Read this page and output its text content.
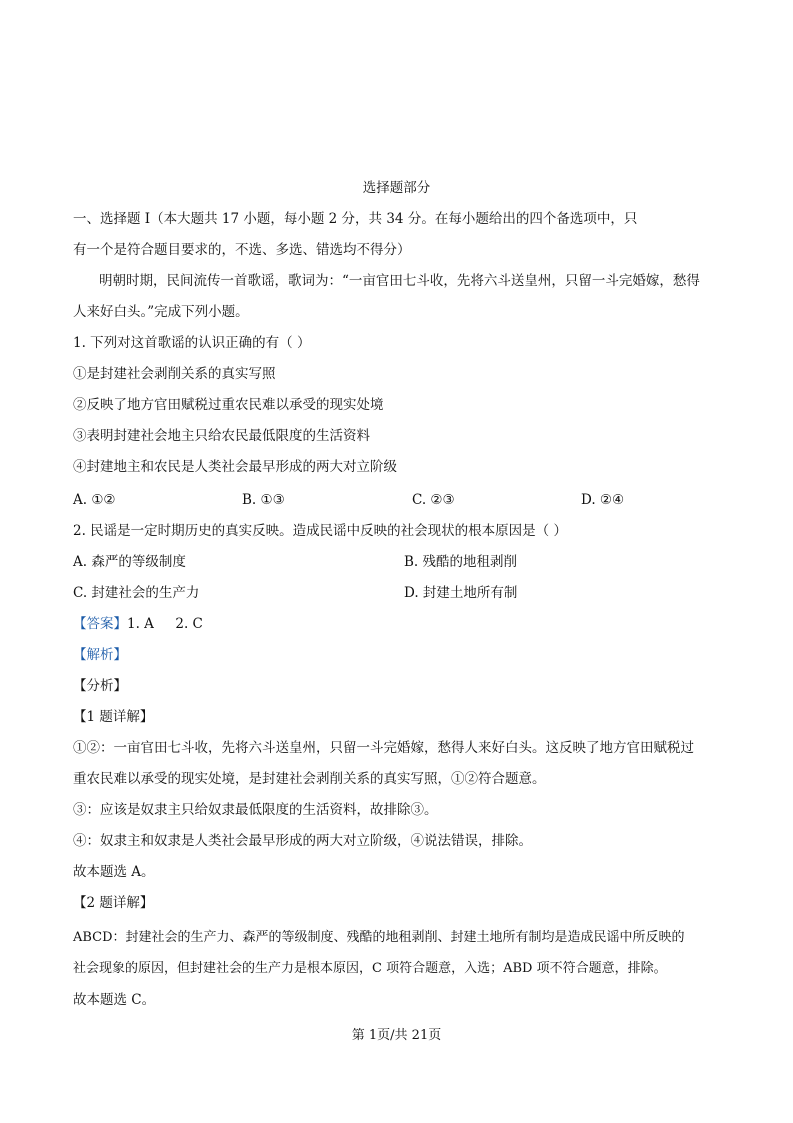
选择题部分
一、选择题 I（本大题共 17 小题，每小题 2 分，共 34 分。在每小题给出的四个备选项中，只
有一个是符合题目要求的，不选、多选、错选均不得分）
明朝时期，民间流传一首歌谣，歌词为：“一亩官田七斗收，先将六斗送皇州，只留一斗完婚嫁，愁得
人来好白头。”完成下列小题。
1. 下列对这首歌谣的认识正确的有（ ）
①是封建社会剥削关系的真实写照
②反映了地方官田赋税过重农民难以承受的现实处境
③表明封建社会地主只给农民最低限度的生活资料
④封建地主和农民是人类社会最早形成的两大对立阶级
A. ①②	B. ①③	C. ②③	D. ②④
2. 民谣是一定时期历史的真实反映。造成民谣中反映的社会现状的根本原因是（ ）
A. 森严的等级制度	B. 残酷的地租剥削
C. 封建社会的生产力	D. 封建土地所有制
【答案】1. A     2. C
【解析】
【分析】
【1 题详解】
①②：一亩官田七斗收，先将六斗送皇州，只留一斗完婚嫁，愁得人来好白头。这反映了地方官田赋税过
重农民难以承受的现实处境，是封建社会剥削关系的真实写照，①②符合题意。
③：应该是奴隶主只给奴隶最低限度的生活资料，故排除③。
④：奴隶主和奴隶是人类社会最早形成的两大对立阶级，④说法错误，排除。
故本题选 A。
【2 题详解】
ABCD：封建社会的生产力、森严的等级制度、残酷的地租剥削、封建土地所有制均是造成民谣中所反映的
社会现象的原因，但封建社会的生产力是根本原因，C 项符合题意，入选；ABD 项不符合题意，排除。
故本题选 C。
第 1页/共 21页
